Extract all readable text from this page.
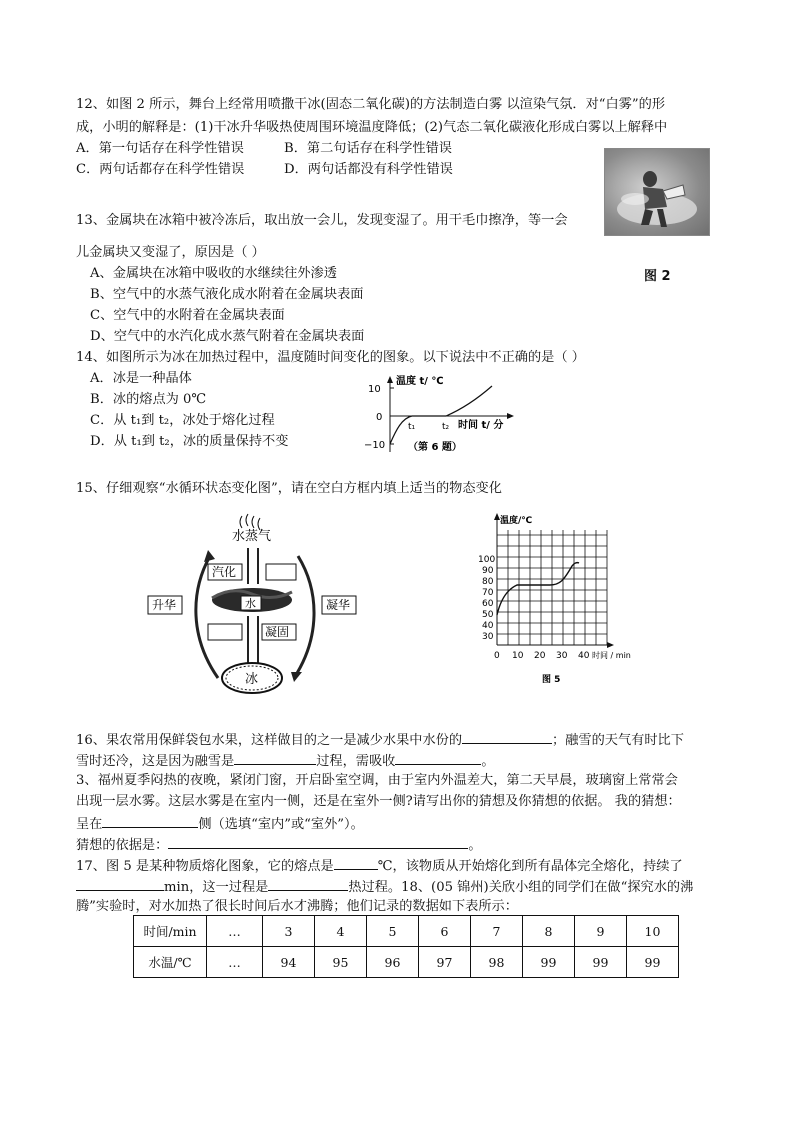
12、如图 2 所示，舞台上经常用喷撒干冰(固态二氧化碳)的方法制造白雾 以渲染气氛．对“白雾”的形
成，小明的解释是：(1)干冰升华吸热使周围环境温度降低；(2)气态二氧化碳液化形成白雾以上解释中
A．第一句话存在科学性错误	B．第二句话存在科学性错误
C．两句话都存在科学性错误	D．两句话都没有科学性错误
图 2
13、金属块在冰箱中被冷冻后，取出放一会儿，发现变湿了。用干毛巾擦净，等一会
儿金属块又变湿了，原因是（ ）
A、金属块在冰箱中吸收的水继续往外渗透
B、空气中的水蒸气液化成水附着在金属块表面
C、空气中的水附着在金属块表面
D、空气中的水汽化成水蒸气附着在金属块表面
14、如图所示为冰在加热过程中，温度随时间变化的图象。以下说法中不正确的是（ ）
A．冰是一种晶体
B．冰的熔点为 0℃
C．从 t₁到 t₂，冰处于熔化过程
D．从 t₁到 t₂，冰的质量保持不变
10
0
−10
温度 t/ ℃
时间 t/ 分
t₁	t₂
（第 6 题）
15、仔细观察“水循环状态变化图”，请在空白方框内填上适当的物态变化
水蒸气
汽化
水
升华	凝华
凝固
冰
温度/℃
100
90
80
70
60
50
40
30
0 10 20 30 40 时间 / min
图 5
16、果农常用保鲜袋包水果，这样做目的之一是减少水果中水份的	；融雪的天气有时比下
雪时还冷，这是因为融雪是	过程，需吸收	。
3、福州夏季闷热的夜晚，紧闭门窗，开启卧室空调，由于室内外温差大，第二天早晨，玻璃窗上常常会
出现一层水雾。这层水雾是在室内一侧，还是在室外一侧?请写出你的猜想及你猜想的依据。 我的猜想：
呈在	侧（选填“室内”或“室外”）。
猜想的依据是：	。
17、图 5 是某种物质熔化图象，它的熔点是	℃，该物质从开始熔化到所有晶体完全熔化，持续了
min，这一过程是	热过程。18、(05 锦州)关欣小组的同学们在做“探究水的沸
腾”实验时，对水加热了很长时间后水才沸腾；他们记录的数据如下表所示：
时间/min	…	3	4	5	6	7	8	9	10
水温/℃	…	94	95	96	97	98	99	99	99
